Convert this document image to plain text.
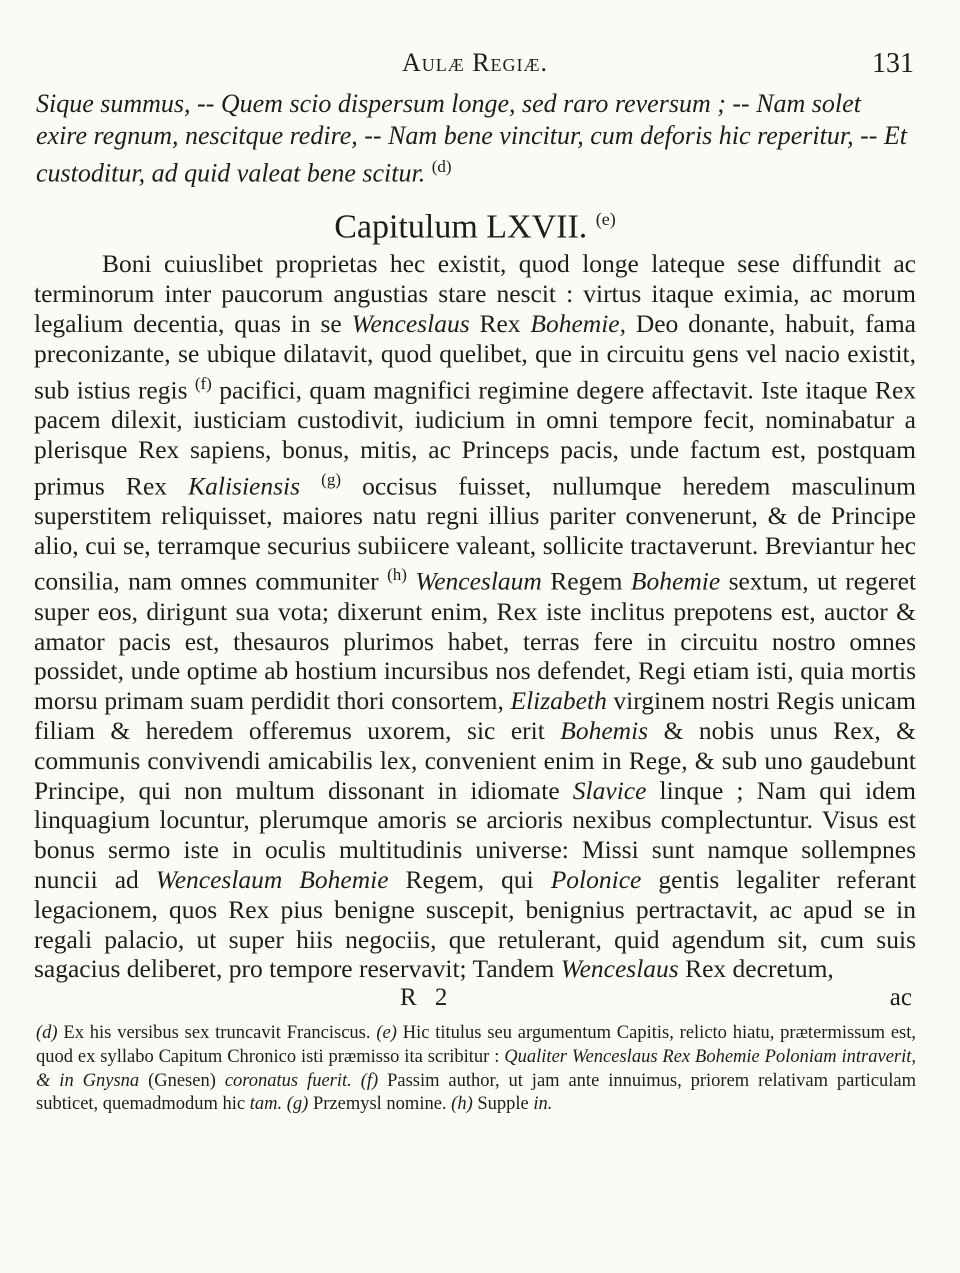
Aulæ Regiæ.	131
Sique summus, -- Quem scio dispersum longe, sed raro reversum ; -- Nam solet exire regnum, nescitque redire, -- Nam bene vincitur, cum deforis hic reperitur, -- Et custoditur, ad quid valeat bene scitur. $^{(d)}$
Capitulum LXVII. $^{(e)}$

Boni cuiuslibet proprietas hec existit, quod longe lateque sese diffundit ac terminorum inter paucorum angustias stare nescit : virtus itaque eximia, ac morum legalium decentia, quas in se Wenceslaus Rex Bohemie, Deo donante, habuit, fama preconizante, se ubique dilatavit, quod quelibet, que in circuitu gens vel nacio existit, sub istius regis $^{(f)}$ pacifici, quam magnifici regimine degere affectavit. Iste itaque Rex pacem dilexit, iusticiam custodivit, iudicium in omni tempore fecit, nominabatur a plerisque Rex sapiens, bonus, mitis, ac Princeps pacis, unde factum est, postquam primus Rex Kalisiensis $^{(g)}$ occisus fuisset, nullumque heredem masculinum superstitem reliquisset, maiores natu regni illius pariter convenerunt, & de Principe alio, cui se, terramque securius subiicere valeant, sollicite tractaverunt. Breviantur hec consilia, nam omnes communiter $^{(h)}$ Wenceslaum Regem Bohemie sextum, ut regeret super eos, dirigunt sua vota; dixerunt enim, Rex iste inclitus prepotens est, auctor & amator pacis est, thesauros plurimos habet, terras fere in circuitu nostro omnes possidet, unde optime ab hostium incursibus nos defendet, Regi etiam isti, quia mortis morsu primam suam perdidit thori consortem, Elizabeth virginem nostri Regis unicam filiam & heredem offeremus uxorem, sic erit Bohemis & nobis unus Rex, & communis convivendi amicabilis lex, convenient enim in Rege, & sub uno gaudebunt Principe, qui non multum dissonant in idiomate Slavice linque ; Nam qui idem linquagium locuntur, plerumque amoris se arcioris nexibus complectuntur. Visus est bonus sermo iste in oculis multitudinis universe: Missi sunt namque sollempnes nuncii ad Wenceslaum Bohemie Regem, qui Polonice gentis legaliter referant legacionem, quos Rex pius benigne suscepit, benignius pertractavit, ac apud se in regali palacio, ut super hiis negociis, que retulerant, quid agendum sit, cum suis sagacius deliberet, pro tempore reservavit; Tandem Wenceslaus Rex decretum,

R 2	ac
(d) Ex his versibus sex truncavit Franciscus. (e) Hic titulus seu argumentum Capitis, relicto hiatu, prætermissum est, quod ex syllabo Capitum Chronico isti præmisso ita scribitur : Qualiter Wenceslaus Rex Bohemie Poloniam intraverit, & in Gnysna (Gnesen) coronatus fuerit. (f) Passim author, ut jam ante innuimus, priorem relativam particulam subticet, quemadmodum hic tam. (g) Przemysl nomine. (h) Supple in.
